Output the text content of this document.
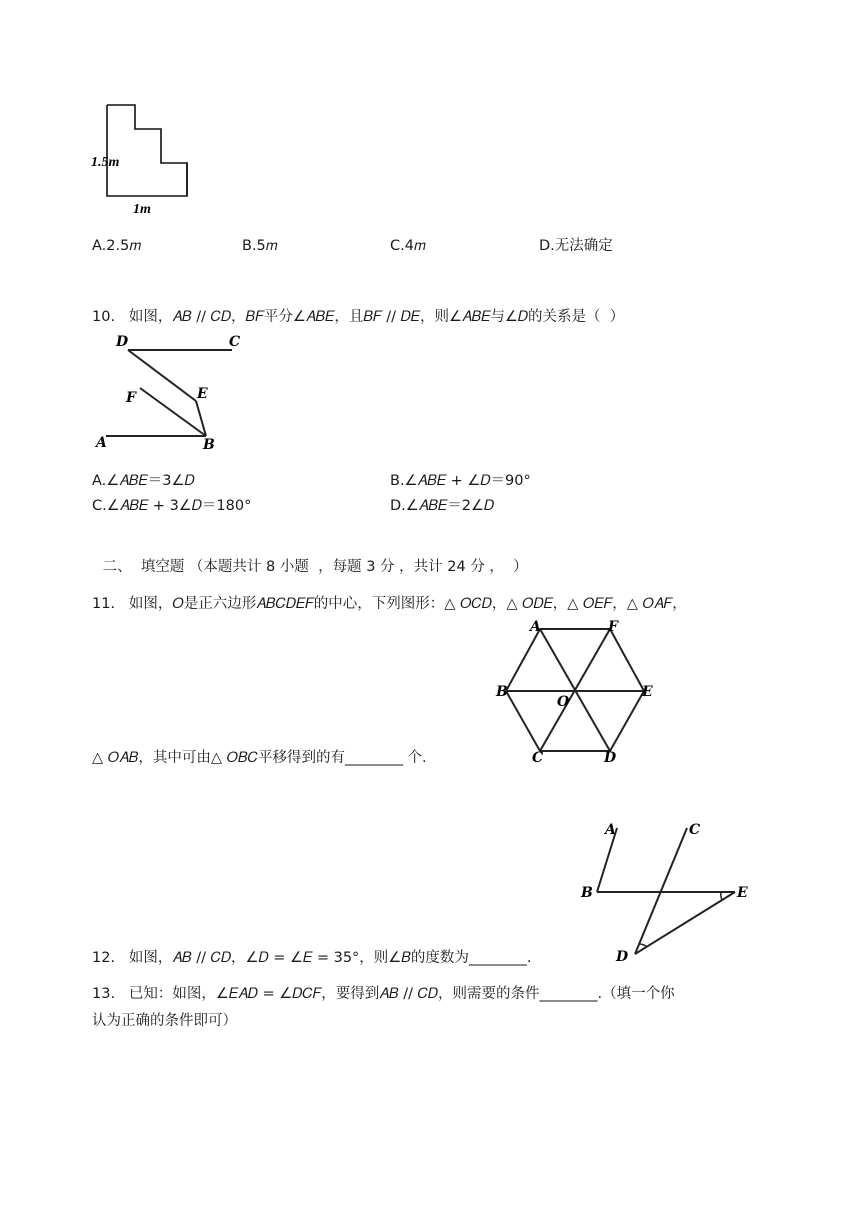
1.5m
1m
A.2.5𝑚	B.5𝑚	C.4𝑚	D.无法确定
10.   如图，𝐴𝐵 // 𝐶𝐷，𝐵𝐹平分∠𝐴𝐵𝐸，且𝐵𝐹 // 𝐷𝐸，则∠𝐴𝐵𝐸与∠𝐷的关系是（  ）
D	C
F	E
A	B
A.∠𝐴𝐵𝐸＝3∠𝐷	B.∠𝐴𝐵𝐸 + ∠𝐷＝90°
C.∠𝐴𝐵𝐸 + 3∠𝐷＝180°	D.∠𝐴𝐵𝐸＝2∠𝐷
二、  填空题 （本题共计 8 小题  ，每题 3 分 ，共计 24 分 ，  ）
11.   如图，𝑂是正六边形𝐴𝐵𝐶𝐷𝐸𝐹的中心，下列图形：△ 𝑂𝐶𝐷，△ 𝑂𝐷𝐸，△ 𝑂𝐸𝐹，△ 𝑂𝐴𝐹，
A	F
B
O
E
C	D
△ 𝑂𝐴𝐵，其中可由△ 𝑂𝐵𝐶平移得到的有________ 个.
A	C
B	E
D
12.   如图，𝐴𝐵 // 𝐶𝐷，∠𝐷 = ∠𝐸 = 35°，则∠𝐵的度数为________.
13.   已知：如图，∠𝐸𝐴𝐷 = ∠𝐷𝐶𝐹，要得到𝐴𝐵 // 𝐶𝐷，则需要的条件________.（填一个你
认为正确的条件即可）
